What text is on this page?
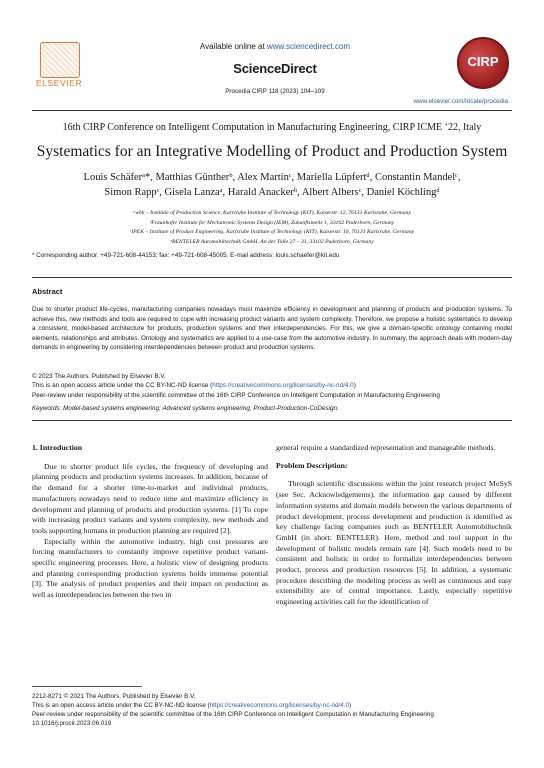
ELSEVIER
Available online at www.sciencedirect.com
ScienceDirect
Procedia CIRP 118 (2023) 104–109
CIRP
www.elsevier.com/locate/procedia
16th CIRP Conference on Intelligent Computation in Manufacturing Engineering, CIRP ICME ‘22, Italy
Systematics for an Integrative Modelling of Product and Production System
Louis Schäferᵃ*, Matthias Güntherᵇ, Alex Martinᶜ, Mariella Lüpfertᵈ, Constantin Mandelᶜ,
Simon Rappᶜ, Gisela Lanzaᵃ, Harald Anackerᵇ, Albert Albersᶜ, Daniel Köchlingᵈ
ᵃwbk – Institute of Production Science, Karlsruhe Institute of Technology (KIT), Kaiserstr. 12, 76131 Karlsruhe, Germany
ᵇFraunhofer Institute for Mechatronic Systems Design (IEM), Zukunftsmeile 1, 33102 Paderborn, Germany
ᶜIPEK – Institute of Product Engineering, Karlsruhe Institute of Technology (KIT), Kaiserstr. 10, 76131 Karlsruhe, Germany
ᵈBENTELER Automobiltechnik GmbH, An der Talle 27 – 31, 33102 Paderborn, Germany
* Corresponding author. +49-721-608-44153; fax: +49-721-608-45005. E-mail address: louis.schaefer@kit.edu
Abstract
Due to shorter product life-cycles, manufacturing companies nowadays must maximize efficiency in development and planning of products and production systems. To achieve this, new methods and tools are required to cope with increasing product variants and system complexity. Therefore, we propose a holistic systematics to develop a consistent, model-based architecture for products, production systems and their interdependencies. For this, we give a domain-specific ontology containing model elements, relationships and attributes. Ontology and systematics are applied to a use-case from the automotive industry. In summary, the approach deals with modern-day demands in engineering by considering interdependencies between product and production systems.
© 2023 The Authors. Published by Elsevier B.V.
This is an open access article under the CC BY-NC-ND license (https://creativecommons.org/licenses/by-nc-nd/4.0)
Peer-review under responsibility of the scientific committee of the 16th CIRP Conference on Intelligent Computation in Manufacturing Engineering
Keywords: Model-based systems engineering; Advanced systems engineering; Product-Production-CoDesign.
1. Introduction

Due to shorter product life cycles, the frequency of developing and planning products and production systems increases. In addition, because of the demand for a shorter time-to-market and individual products, manufacturers nowadays need to reduce time and maximize efficiency in development and planning of products and production systems. [1] To cope with increasing product variants and system complexity, new methods and tools supporting humans in production planning are required [2].

Especially within the automotive industry, high cost pressures are forcing manufacturers to constantly improve repetitive product variant-specific engineering processes. Here, a holistic view of designing products and planning corresponding production systems holds immense potential [3]. The analysis of product properties and their impact on production as well as interdependencies between the two in

general require a standardized representation and manageable methods.

Problem Description:

Through scientific discussions within the joint research project MoSyS (see Sec. Acknowledgements), the information gap caused by different information systems and domain models between the various departments of product development, process development and production is identified as key challenge facing companies such as BENTELER Automobiltechnik GmbH (in short: BENTELER). Here, method and tool support in the development of holistic models remain rare [4]. Such models need to be consistent and holistic in order to formalize interdependencies between product, process and production resources [5]. In addition, a systematic procedure describing the modeling process as well as continuous and easy extensibility are of central importance. Lastly, especially repetitive engineering activities call for the identification of

2212-8271 © 2021 The Authors. Published by Elsevier B.V.
This is an open access article under the CC BY-NC-ND license (https://creativecommons.org/licenses/by-nc-nd/4.0)
Peer-review under responsibility of the scientific committee of the 16th CIRP Conference on Intelligent Computation in Manufacturing Engineering
10.1016/j.procir.2023.06.019
